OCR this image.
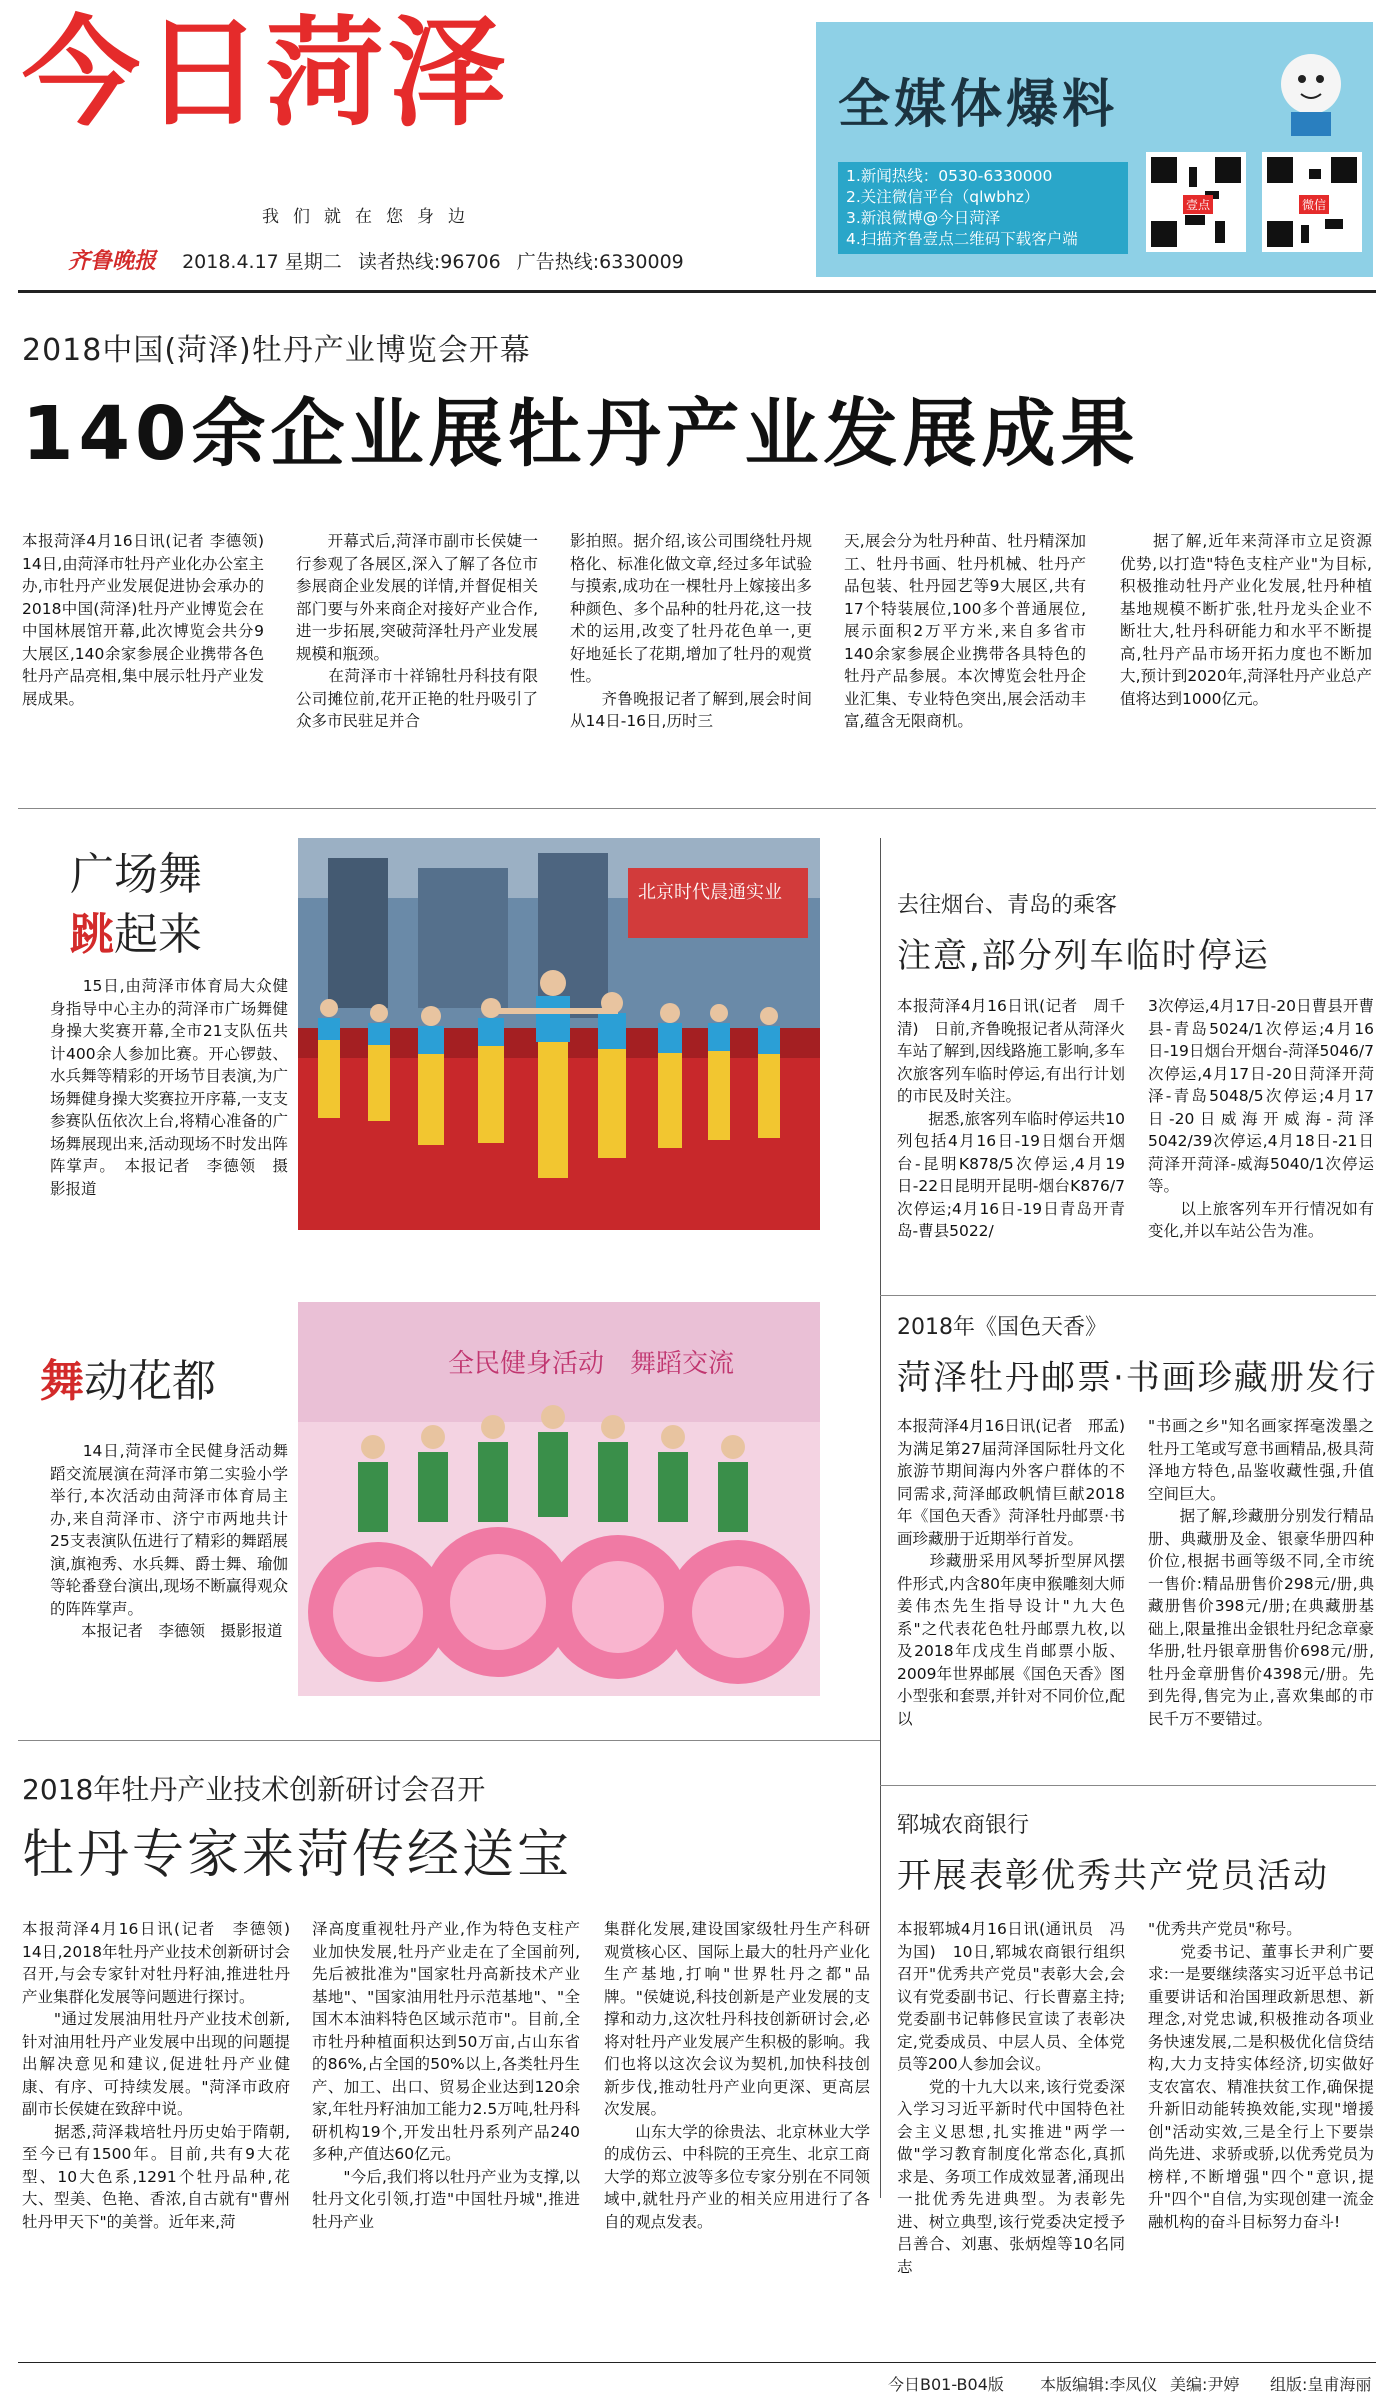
今日菏泽
我们就在您身边
齐鲁晚报 2018.4.17 星期二 读者热线:96706 广告热线:6330009
全媒体爆料
1.新闻热线：0530-6330000
2.关注微信平台（qlwbhz）
3.新浪微博@今日菏泽
4.扫描齐鲁壹点二维码下载客户端
壹点	微信
2018中国(菏泽)牡丹产业博览会开幕
140余企业展牡丹产业发展成果
本报菏泽4月16日讯(记者 李德领)　14日,由菏泽市牡丹产业化办公室主办,市牡丹产业发展促进协会承办的2018中国(菏泽)牡丹产业博览会在中国林展馆开幕,此次博览会共分9大展区,140余家参展企业携带各色牡丹产品亮相,集中展示牡丹产业发展成果。
　　开幕式后,菏泽市副市长侯婕一行参观了各展区,深入了解了各位市参展商企业发展的详情,并督促相关部门要与外来商企对接好产业合作,进一步拓展,突破菏泽牡丹产业发展规模和瓶颈。
　　在菏泽市十祥锦牡丹科技有限公司摊位前,花开正艳的牡丹吸引了众多市民驻足并合
影拍照。据介绍,该公司围绕牡丹规格化、标准化做文章,经过多年试验与摸索,成功在一棵牡丹上嫁接出多种颜色、多个品种的牡丹花,这一技术的运用,改变了牡丹花色单一,更好地延长了花期,增加了牡丹的观赏性。
　　齐鲁晚报记者了解到,展会时间从14日-16日,历时三
天,展会分为牡丹种苗、牡丹精深加工、牡丹书画、牡丹机械、牡丹产品包装、牡丹园艺等9大展区,共有17个特装展位,100多个普通展位,展示面积2万平方米,来自多省市140余家参展企业携带各具特色的牡丹产品参展。本次博览会牡丹企业汇集、专业特色突出,展会活动丰富,蕴含无限商机。
　　据了解,近年来菏泽市立足资源优势,以打造"特色支柱产业"为目标,积极推动牡丹产业化发展,牡丹种植基地规模不断扩张,牡丹龙头企业不断壮大,牡丹科研能力和水平不断提高,牡丹产品市场开拓力度也不断加大,预计到2020年,菏泽牡丹产业总产值将达到1000亿元。
广场舞
跳起来
　　15日,由菏泽市体育局大众健身指导中心主办的菏泽市广场舞健身操大奖赛开幕,全市21支队伍共计400余人参加比赛。开心锣鼓、水兵舞等精彩的开场节目表演,为广场舞健身操大奖赛拉开序幕,一支支参赛队伍依次上台,将精心准备的广场舞展现出来,活动现场不时发出阵阵掌声。　本报记者　李德领　摄影报道
北京时代晨通实业
去往烟台、青岛的乘客
注意,部分列车临时停运
本报菏泽4月16日讯(记者　周千清)　日前,齐鲁晚报记者从菏泽火车站了解到,因线路施工影响,多车次旅客列车临时停运,有出行计划的市民及时关注。
　　据悉,旅客列车临时停运共10列包括4月16日-19日烟台开烟台-昆明K878/5次停运,4月19日-22日昆明开昆明-烟台K876/7次停运;4月16日-19日青岛开青岛-曹县5022/
3次停运,4月17日-20日曹县开曹县-青岛5024/1次停运;4月16日-19日烟台开烟台-菏泽5046/7次停运,4月17日-20日菏泽开菏泽-青岛5048/5次停运;4月17日-20日威海开威海-菏泽5042/39次停运,4月18日-21日菏泽开菏泽-威海5040/1次停运等。
　　以上旅客列车开行情况如有变化,并以车站公告为准。
2018年《国色天香》
菏泽牡丹邮票·书画珍藏册发行
本报菏泽4月16日讯(记者　邢孟)　为满足第27届菏泽国际牡丹文化旅游节期间海内外客户群体的不同需求,菏泽邮政帆情巨献2018年《国色天香》菏泽牡丹邮票·书画珍藏册于近期举行首发。
　　珍藏册采用风琴折型屏风摆件形式,内含80年庚申猴雕刻大师姜伟杰先生指导设计"九大色系"之代表花色牡丹邮票九枚,以及2018年戊戌生肖邮票小版、2009年世界邮展《国色天香》图小型张和套票,并针对不同价位,配以
"书画之乡"知名画家挥毫泼墨之牡丹工笔或写意书画精品,极具菏泽地方特色,品鉴收藏性强,升值空间巨大。
　　据了解,珍藏册分别发行精品册、典藏册及金、银豪华册四种价位,根据书画等级不同,全市统一售价:精品册售价298元/册,典藏册售价398元/册;在典藏册基础上,限量推出金银牡丹纪念章豪华册,牡丹银章册售价698元/册,牡丹金章册售价4398元/册。先到先得,售完为止,喜欢集邮的市民千万不要错过。
舞动花都
　　14日,菏泽市全民健身活动舞蹈交流展演在菏泽市第二实验小学举行,本次活动由菏泽市体育局主办,来自菏泽市、济宁市两地共计25支表演队伍进行了精彩的舞蹈展演,旗袍秀、水兵舞、爵士舞、瑜伽等轮番登台演出,现场不断赢得观众的阵阵掌声。
　　本报记者　李德领　摄影报道
全民健身活动　舞蹈交流
2018年牡丹产业技术创新研讨会召开
牡丹专家来菏传经送宝
本报菏泽4月16日讯(记者　李德领)　14日,2018年牡丹产业技术创新研讨会召开,与会专家针对牡丹籽油,推进牡丹产业集群化发展等问题进行探讨。
　　"通过发展油用牡丹产业技术创新,针对油用牡丹产业发展中出现的问题提出解决意见和建议,促进牡丹产业健康、有序、可持续发展。"菏泽市政府副市长侯婕在致辞中说。
　　据悉,菏泽栽培牡丹历史始于隋朝,至今已有1500年。目前,共有9大花型、10大色系,1291个牡丹品种,花大、型美、色艳、香浓,自古就有"曹州牡丹甲天下"的美誉。近年来,菏
泽高度重视牡丹产业,作为特色支柱产业加快发展,牡丹产业走在了全国前列,先后被批准为"国家牡丹高新技术产业基地"、"国家油用牡丹示范基地"、"全国木本油料特色区域示范市"。目前,全市牡丹种植面积达到50万亩,占山东省的86%,占全国的50%以上,各类牡丹生产、加工、出口、贸易企业达到120余家,年牡丹籽油加工能力2.5万吨,牡丹科研机构19个,开发出牡丹系列产品240多种,产值达60亿元。
　　"今后,我们将以牡丹产业为支撑,以牡丹文化引领,打造"中国牡丹城",推进牡丹产业
集群化发展,建设国家级牡丹生产科研观赏核心区、国际上最大的牡丹产业化生产基地,打响"世界牡丹之都"品牌。"侯婕说,科技创新是产业发展的支撑和动力,这次牡丹科技创新研讨会,必将对牡丹产业发展产生积极的影响。我们也将以这次会议为契机,加快科技创新步伐,推动牡丹产业向更深、更高层次发展。
　　山东大学的徐贵法、北京林业大学的成仿云、中科院的王亮生、北京工商大学的郑立波等多位专家分别在不同领域中,就牡丹产业的相关应用进行了各自的观点发表。
郓城农商银行
开展表彰优秀共产党员活动
本报郓城4月16日讯(通讯员　冯为国)　10日,郓城农商银行组织召开"优秀共产党员"表彰大会,会议有党委副书记、行长曹嘉主持;党委副书记韩修民宣读了表彰决定,党委成员、中层人员、全体党员等200人参加会议。
　　党的十九大以来,该行党委深入学习习近平新时代中国特色社会主义思想,扎实推进"两学一做"学习教育制度化常态化,真抓求是、务项工作成效显著,涌现出一批优秀先进典型。为表彰先进、树立典型,该行党委决定授予吕善合、刘惠、张炳煌等10名同志
"优秀共产党员"称号。
　　党委书记、董事长尹利广要求:一是要继续落实习近平总书记重要讲话和治国理政新思想、新理念,对党忠诚,积极推动各项业务快速发展,二是积极优化信贷结构,大力支持实体经济,切实做好支农富农、精准扶贫工作,确保提升新旧动能转换效能,实现"增援创"活动实效,三是全行上下要崇尚先进、求骄或骄,以优秀党员为榜样,不断增强"四个"意识,提升"四个"自信,为实现创建一流金融机构的奋斗目标努力奋斗!
今日B01-B04版 本版编辑:李凤仪 美编:尹婷 组版:皇甫海丽
